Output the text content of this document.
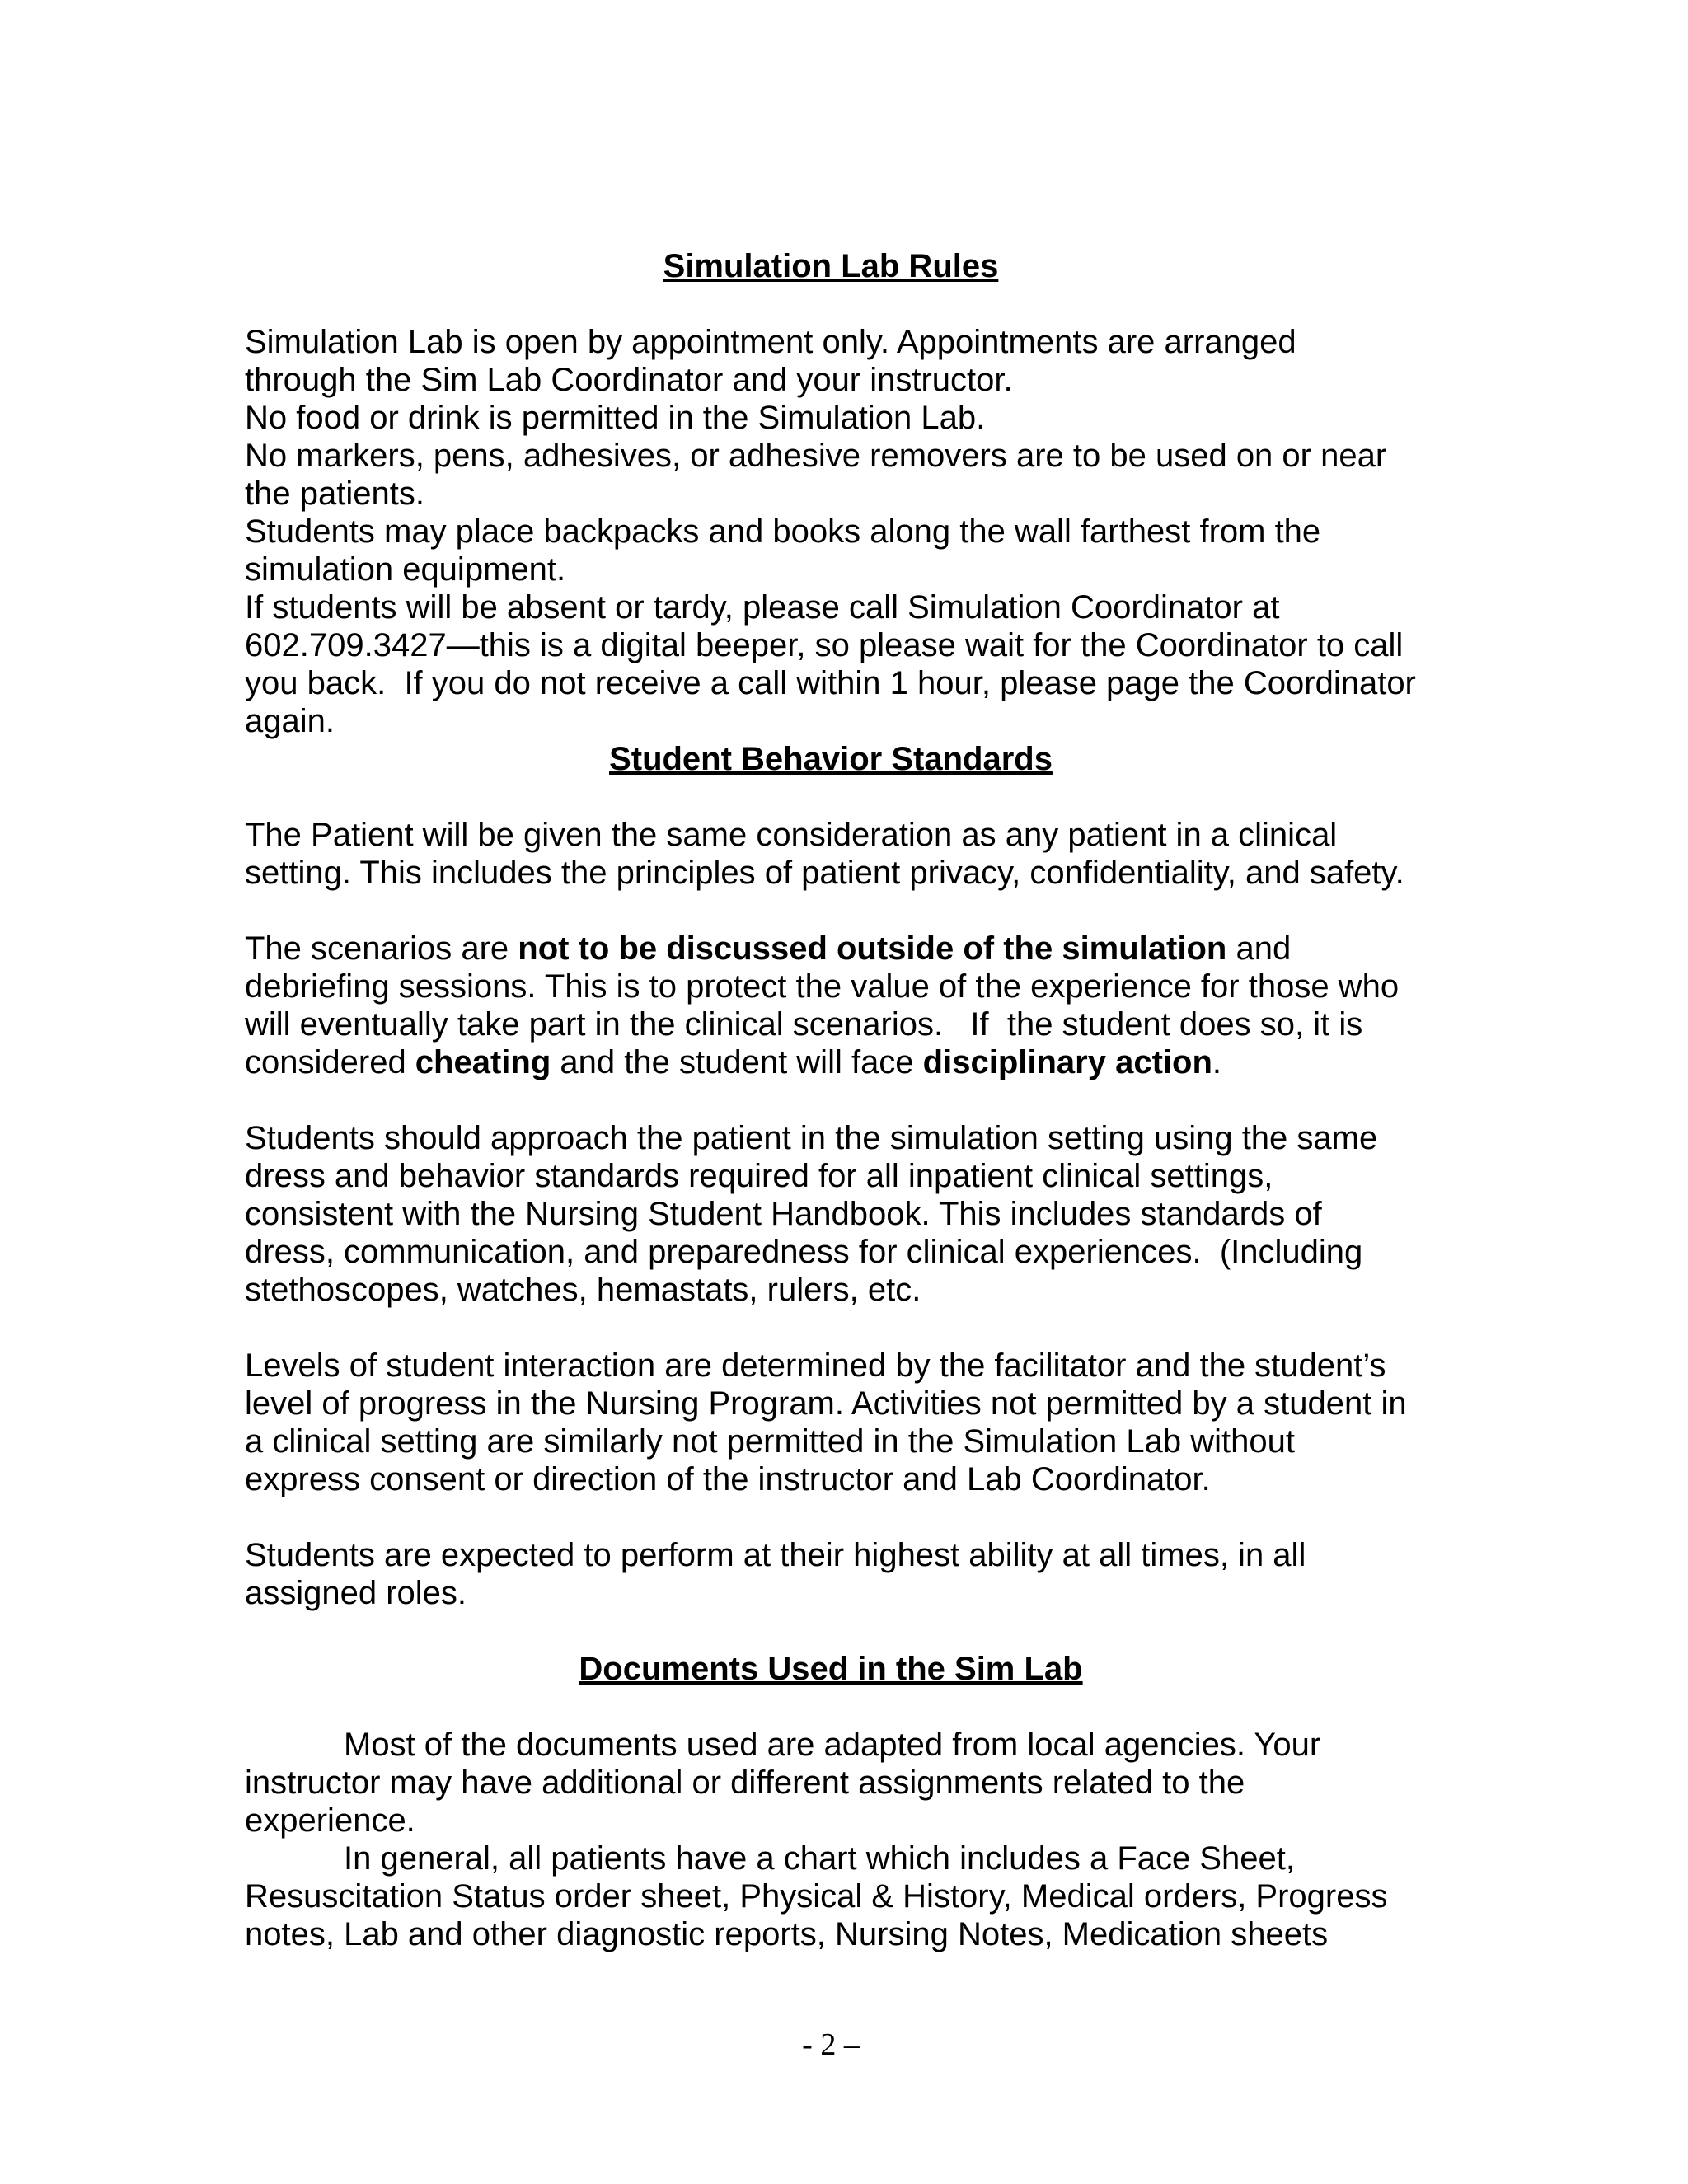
Simulation Lab Rules

Simulation Lab is open by appointment only. Appointments are arranged through the Sim Lab Coordinator and your instructor.

No food or drink is permitted in the Simulation Lab.

No markers, pens, adhesives, or adhesive removers are to be used on or near the patients.

Students may place backpacks and books along the wall farthest from the simulation equipment.

If students will be absent or tardy, please call Simulation Coordinator at 602.709.3427—this is a digital beeper, so please wait for the Coordinator to call you back.  If you do not receive a call within 1 hour, please page the Coordinator again.

Student Behavior Standards

The Patient will be given the same consideration as any patient in a clinical setting. This includes the principles of patient privacy, confidentiality, and safety.

The scenarios are not to be discussed outside of the simulation and debriefing sessions. This is to protect the value of the experience for those who will eventually take part in the clinical scenarios.   If  the student does so, it is considered cheating and the student will face disciplinary action.

Students should approach the patient in the simulation setting using the same dress and behavior standards required for all inpatient clinical settings, consistent with the Nursing Student Handbook. This includes standards of dress, communication, and preparedness for clinical experiences.  (Including stethoscopes, watches, hemastats, rulers, etc.

Levels of student interaction are determined by the facilitator and the student’s level of progress in the Nursing Program. Activities not permitted by a student in a clinical setting are similarly not permitted in the Simulation Lab without express consent or direction of the instructor and Lab Coordinator.

Students are expected to perform at their highest ability at all times, in all assigned roles.

Documents Used in the Sim Lab

Most of the documents used are adapted from local agencies. Your instructor may have additional or different assignments related to the experience.

In general, all patients have a chart which includes a Face Sheet, Resuscitation Status order sheet, Physical & History, Medical orders, Progress notes, Lab and other diagnostic reports, Nursing Notes, Medication sheets

- 2 –
